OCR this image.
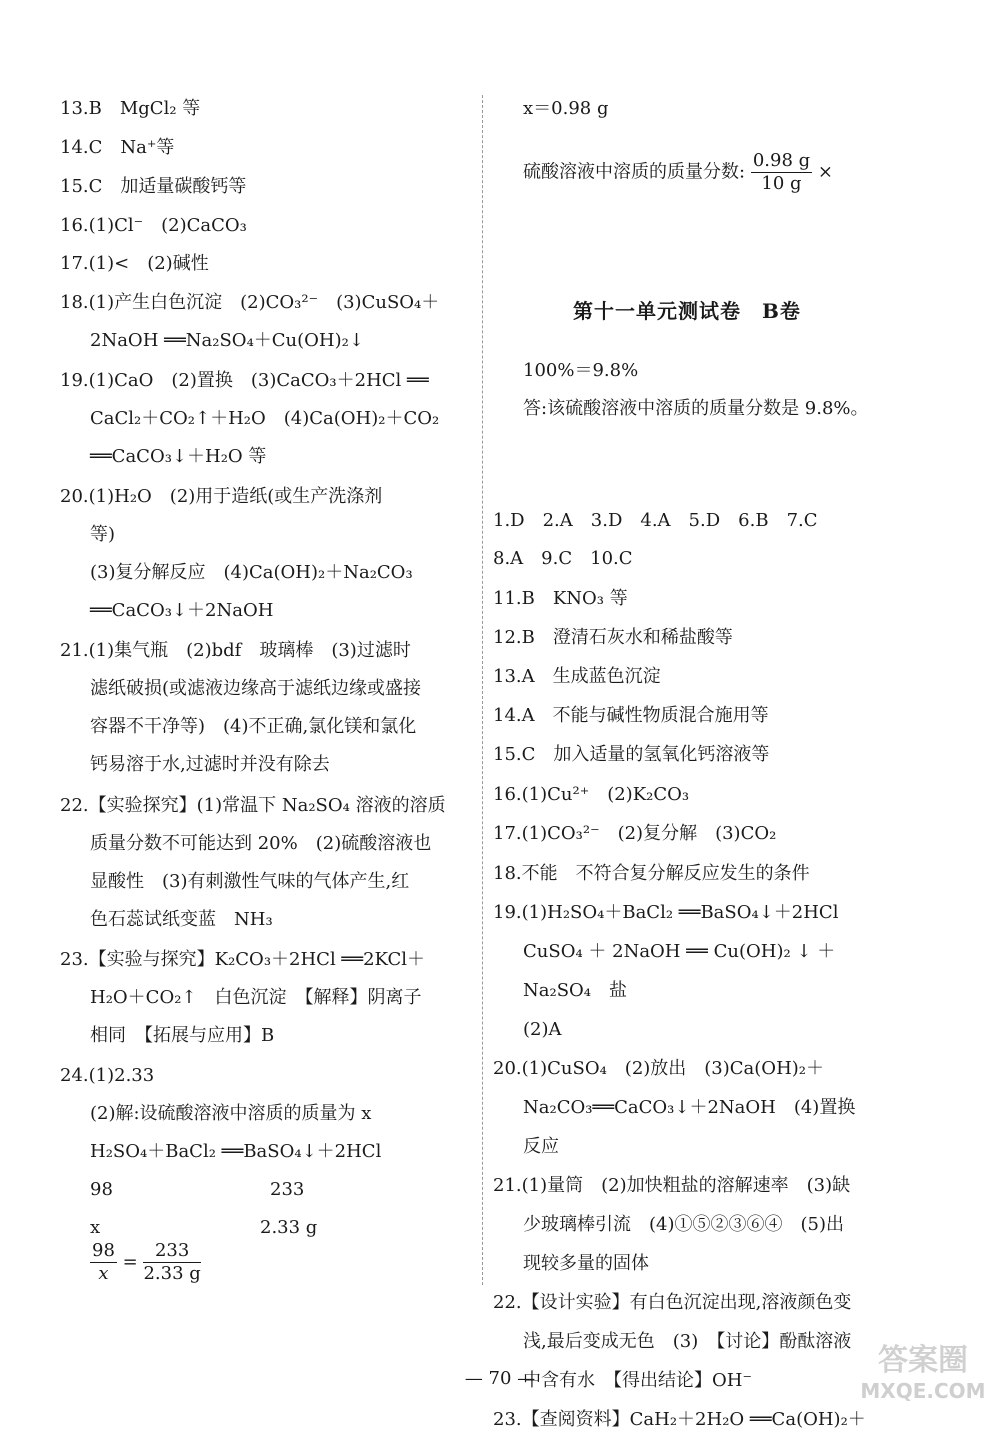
13.B　MgCl₂ 等
14.C　Na⁺等
15.C　加适量碳酸钙等
16.(1)Cl⁻　(2)CaCO₃
17.(1)<　(2)碱性
18.(1)产生白色沉淀　(2)CO₃²⁻　(3)CuSO₄＋
2NaOH ══Na₂SO₄＋Cu(OH)₂↓
19.(1)CaO　(2)置换　(3)CaCO₃＋2HCl ══
CaCl₂＋CO₂↑＋H₂O　(4)Ca(OH)₂＋CO₂
══CaCO₃↓＋H₂O 等
20.(1)H₂O　(2)用于造纸(或生产洗涤剂
等)
(3)复分解反应　(4)Ca(OH)₂＋Na₂CO₃
══CaCO₃↓＋2NaOH
21.(1)集气瓶　(2)bdf　玻璃棒　(3)过滤时
滤纸破损(或滤液边缘高于滤纸边缘或盛接
容器不干净等)　(4)不正确,氯化镁和氯化
钙易溶于水,过滤时并没有除去
22.【实验探究】(1)常温下 Na₂SO₄ 溶液的溶质
质量分数不可能达到 20%　(2)硫酸溶液也
显酸性　(3)有刺激性气味的气体产生,红
色石蕊试纸变蓝　NH₃
23.【实验与探究】K₂CO₃＋2HCl ══2KCl＋
H₂O＋CO₂↑　白色沉淀　【解释】阴离子
相同　【拓展与应用】B
24.(1)2.33
(2)解:设硫酸溶液中溶质的质量为 x
H₂SO₄＋BaCl₂ ══BaSO₄↓＋2HCl
98	233
x	2.33 g
硫酸溶液中溶质的质量分数: $\frac{0.98 g}{10 g}$ ×
第十一单元测试卷　B卷
x＝0.98 g
100%＝9.8%
答:该硫酸溶液中溶质的质量分数是 9.8%。
1.D　2.A　3.D　4.A　5.D　6.B　7.C
8.A　9.C　10.C
11.B　KNO₃ 等
12.B　澄清石灰水和稀盐酸等
13.A　生成蓝色沉淀
14.A　不能与碱性物质混合施用等
15.C　加入适量的氢氧化钙溶液等
16.(1)Cu²⁺　(2)K₂CO₃
17.(1)CO₃²⁻　(2)复分解　(3)CO₂
18.不能　不符合复分解反应发生的条件
19.(1)H₂SO₄＋BaCl₂ ══BaSO₄↓＋2HCl
CuSO₄ ＋ 2NaOH ══ Cu(OH)₂ ↓ ＋
Na₂SO₄　盐
(2)A
20.(1)CuSO₄　(2)放出　(3)Ca(OH)₂＋
Na₂CO₃══CaCO₃↓＋2NaOH　(4)置换
反应
21.(1)量筒　(2)加快粗盐的溶解速率　(3)缺
少玻璃棒引流　(4)①⑤②③⑥④　(5)出
现较多量的固体
22.【设计实验】有白色沉淀出现,溶液颜色变
浅,最后变成无色　(3)　【讨论】酚酞溶液
中含有水　【得出结论】OH⁻
23.【查阅资料】CaH₂＋2H₂O ══Ca(OH)₂＋
$\frac{98}{x} = \frac{233}{2.33 g}$
— 70 —
答案圈
MXQE.COM
